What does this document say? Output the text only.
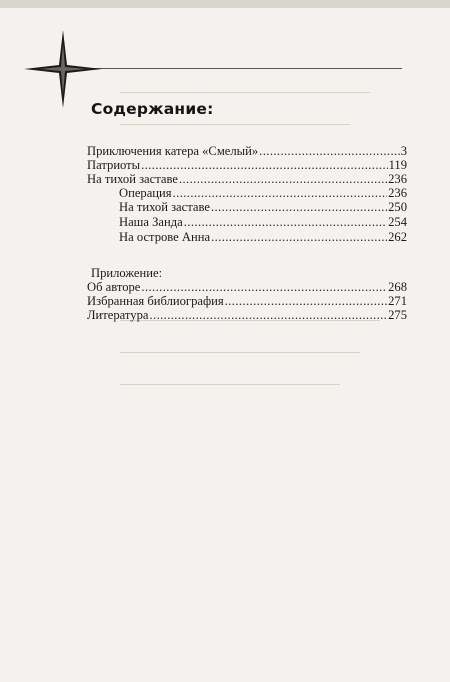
Содержание:
Приключения катера «Смелый» .....	3
Патриоты .....	119
На тихой заставе .....	236
Операция .....	236
На тихой заставе .....	250
Наша Занда .....	254
На острове Анна .....	262
Приложение:
Об авторе .....	268
Избранная библиография .....	271
Литература .....	275
